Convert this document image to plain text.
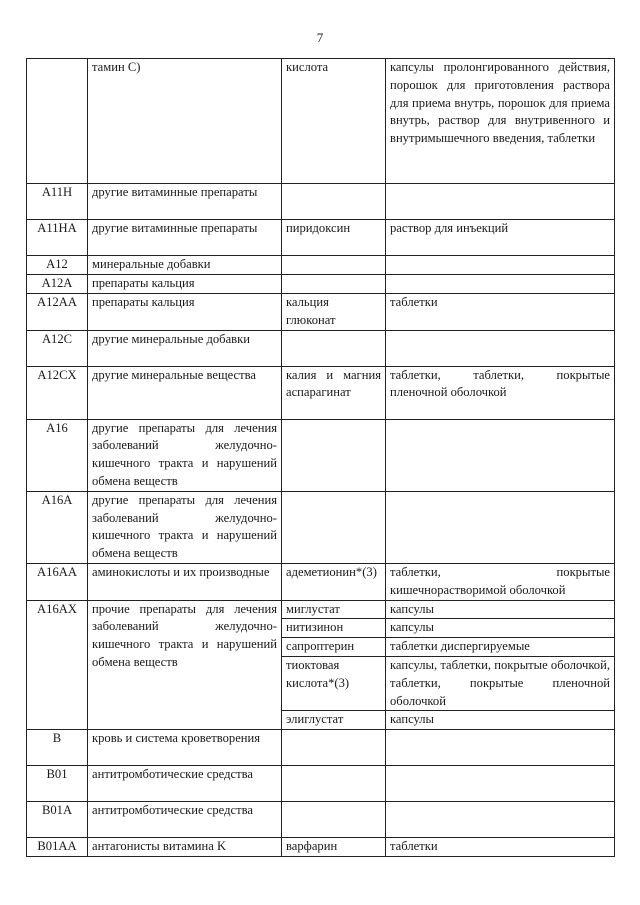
7
	тамин С)	кислота	капсулы пролонгированного действия, порошок для приготовления раствора для приема внутрь, порошок для приема внутрь, раствор для внутривенного и внутримышечного введения, таблетки
A11H	другие витаминные препараты		
A11HA	другие витаминные препараты	пиридоксин	раствор для инъекций
A12	минеральные добавки		
A12A	препараты кальция		
A12AA	препараты кальция	кальция глюконат	таблетки
A12C	другие минеральные добавки		
A12CX	другие минеральные вещества	калия и магния аспарагинат	таблетки, таблетки, покрытые пленочной оболочкой
A16	другие препараты для лечения заболеваний желудочно-кишечного тракта и нарушений обмена веществ		
A16A	другие препараты для лечения заболеваний желудочно-кишечного тракта и нарушений обмена веществ		
A16AA	аминокислоты и их производные	адеметионин*(3)	таблетки, покрытые кишечнорастворимой оболочкой
A16AX	прочие препараты для лечения заболеваний желудочно-кишечного тракта и нарушений обмена веществ	миглустат	капсулы
		нитизинон	капсулы
		сапроптерин	таблетки диспергируемые
		тиоктовая кислота*(3)	капсулы, таблетки, покрытые оболочкой, таблетки, покрытые пленочной оболочкой
		элиглустат	капсулы
B	кровь и система кроветворения		
B01	антитромботические средства		
B01A	антитромботические средства		
B01AA	антагонисты витамина K	варфарин	таблетки
